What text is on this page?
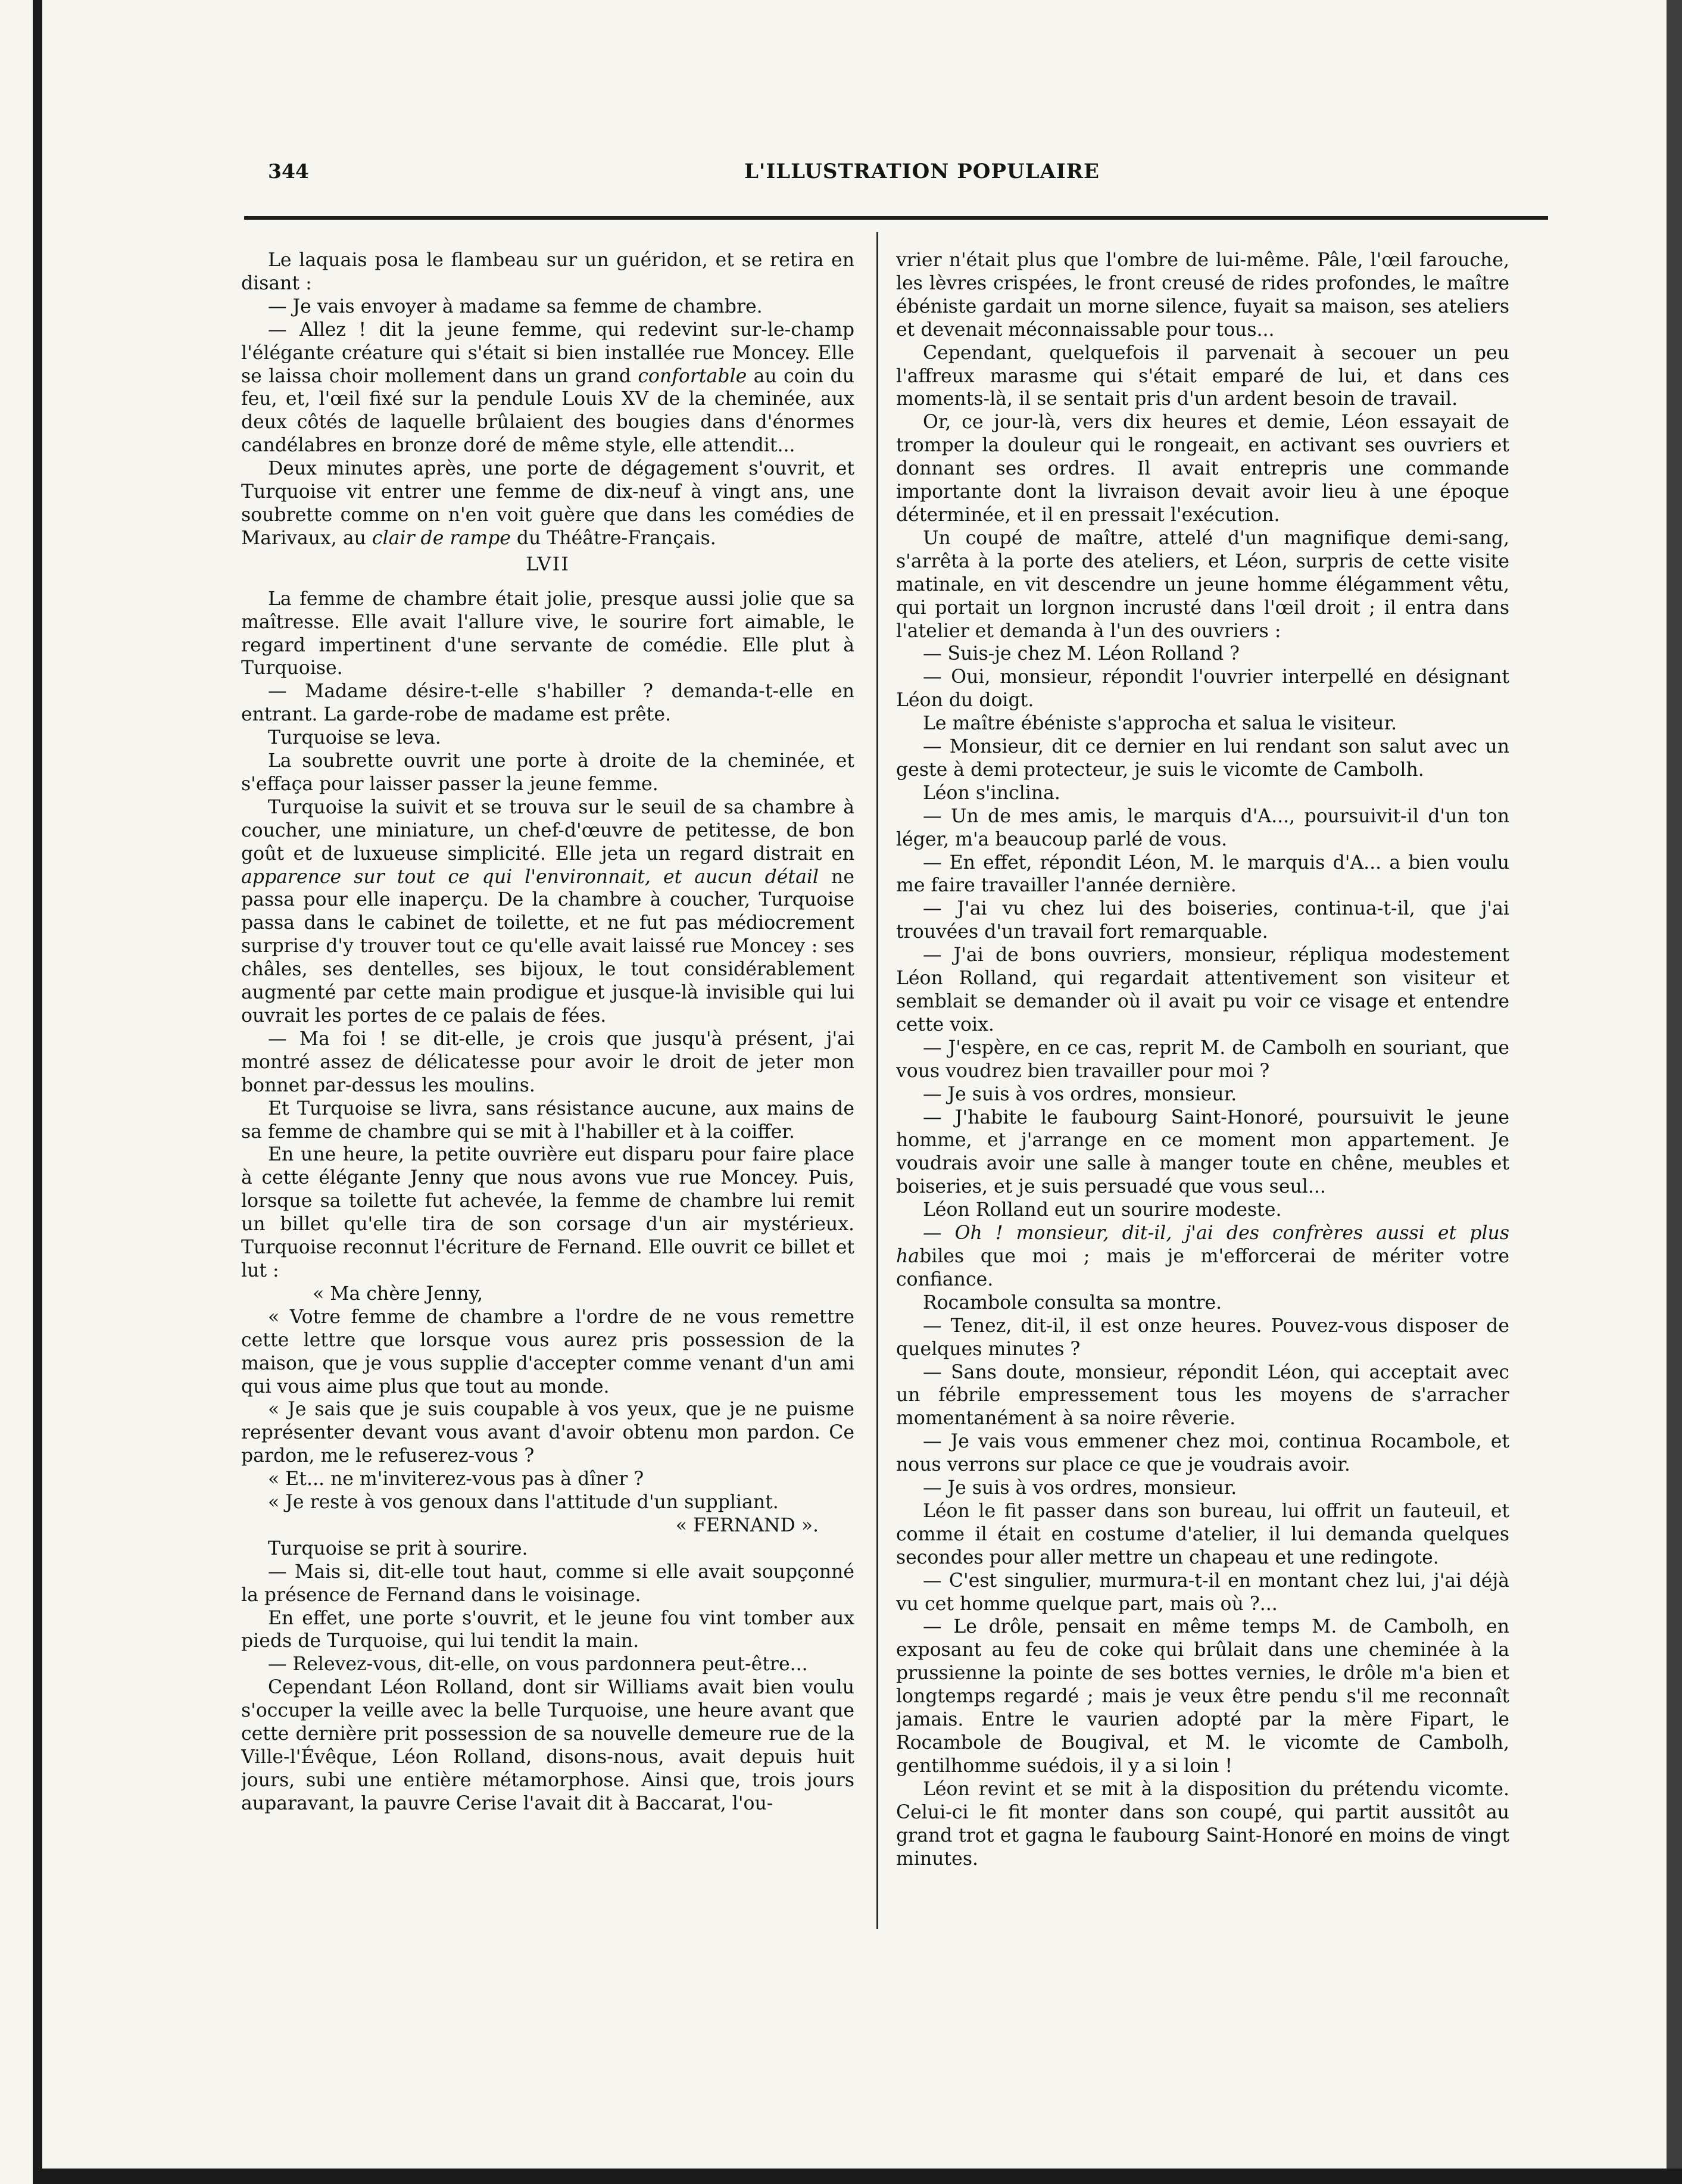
344	L'ILLUSTRATION POPULAIRE

Le laquais posa le flambeau sur un guéridon, et se retira en disant :

— Je vais envoyer à madame sa femme de chambre.

— Allez ! dit la jeune femme, qui redevint sur-le-champ l'élégante créature qui s'était si bien installée rue Moncey. Elle se laissa choir mollement dans un grand confortable au coin du feu, et, l'œil fixé sur la pendule Louis XV de la cheminée, aux deux côtés de laquelle brûlaient des bougies dans d'énormes candélabres en bronze doré de même style, elle attendit...

Deux minutes après, une porte de dégagement s'ouvrit, et Turquoise vit entrer une femme de dix-neuf à vingt ans, une soubrette comme on n'en voit guère que dans les comédies de Marivaux, au clair de rampe du Théâtre-Français.

LVII

La femme de chambre était jolie, presque aussi jolie que sa maîtresse. Elle avait l'allure vive, le sourire fort aimable, le regard impertinent d'une servante de comédie. Elle plut à Turquoise.

— Madame désire-t-elle s'habiller ? demanda-t-elle en entrant. La garde-robe de madame est prête.

Turquoise se leva.

La soubrette ouvrit une porte à droite de la cheminée, et s'effaça pour laisser passer la jeune femme.

Turquoise la suivit et se trouva sur le seuil de sa chambre à coucher, une miniature, un chef-d'œuvre de petitesse, de bon goût et de luxueuse simplicité. Elle jeta un regard distrait en apparence sur tout ce qui l'environnait, et aucun détail ne passa pour elle inaperçu. De la chambre à coucher, Turquoise passa dans le cabinet de toilette, et ne fut pas médiocrement surprise d'y trouver tout ce qu'elle avait laissé rue Moncey : ses châles, ses dentelles, ses bijoux, le tout considérablement augmenté par cette main prodigue et jusque-là invisible qui lui ouvrait les portes de ce palais de fées.

— Ma foi ! se dit-elle, je crois que jusqu'à présent, j'ai montré assez de délicatesse pour avoir le droit de jeter mon bonnet par-dessus les moulins.

Et Turquoise se livra, sans résistance aucune, aux mains de sa femme de chambre qui se mit à l'habiller et à la coiffer.

En une heure, la petite ouvrière eut disparu pour faire place à cette élégante Jenny que nous avons vue rue Moncey. Puis, lorsque sa toilette fut achevée, la femme de chambre lui remit un billet qu'elle tira de son corsage d'un air mystérieux. Turquoise reconnut l'écriture de Fernand. Elle ouvrit ce billet et lut :

« Ma chère Jenny,

« Votre femme de chambre a l'ordre de ne vous remettre cette lettre que lorsque vous aurez pris possession de la maison, que je vous supplie d'accepter comme venant d'un ami qui vous aime plus que tout au monde.

« Je sais que je suis coupable à vos yeux, que je ne puisme représenter devant vous avant d'avoir obtenu mon pardon. Ce pardon, me le refuserez-vous ?

« Et... ne m'inviterez-vous pas à dîner ?

« Je reste à vos genoux dans l'attitude d'un suppliant.

« FERNAND ».

Turquoise se prit à sourire.

— Mais si, dit-elle tout haut, comme si elle avait soupçonné la présence de Fernand dans le voisinage.

En effet, une porte s'ouvrit, et le jeune fou vint tomber aux pieds de Turquoise, qui lui tendit la main.

— Relevez-vous, dit-elle, on vous pardonnera peut-être...

Cependant Léon Rolland, dont sir Williams avait bien voulu s'occuper la veille avec la belle Turquoise, une heure avant que cette dernière prit possession de sa nouvelle demeure rue de la Ville-l'Évêque, Léon Rolland, disons-nous, avait depuis huit jours, subi une entière métamorphose. Ainsi que, trois jours auparavant, la pauvre Cerise l'avait dit à Baccarat, l'ou-

vrier n'était plus que l'ombre de lui-même. Pâle, l'œil farouche, les lèvres crispées, le front creusé de rides profondes, le maître ébéniste gardait un morne silence, fuyait sa maison, ses ateliers et devenait méconnaissable pour tous...

Cependant, quelquefois il parvenait à secouer un peu l'affreux marasme qui s'était emparé de lui, et dans ces moments-là, il se sentait pris d'un ardent besoin de travail.

Or, ce jour-là, vers dix heures et demie, Léon essayait de tromper la douleur qui le rongeait, en activant ses ouvriers et donnant ses ordres. Il avait entrepris une commande importante dont la livraison devait avoir lieu à une époque déterminée, et il en pressait l'exécution.

Un coupé de maître, attelé d'un magnifique demi-sang, s'arrêta à la porte des ateliers, et Léon, surpris de cette visite matinale, en vit descendre un jeune homme élégamment vêtu, qui portait un lorgnon incrusté dans l'œil droit ; il entra dans l'atelier et demanda à l'un des ouvriers :

— Suis-je chez M. Léon Rolland ?

— Oui, monsieur, répondit l'ouvrier interpellé en désignant Léon du doigt.

Le maître ébéniste s'approcha et salua le visiteur.

— Monsieur, dit ce dernier en lui rendant son salut avec un geste à demi protecteur, je suis le vicomte de Cambolh.

Léon s'inclina.

— Un de mes amis, le marquis d'A..., poursuivit-il d'un ton léger, m'a beaucoup parlé de vous.

— En effet, répondit Léon, M. le marquis d'A... a bien voulu me faire travailler l'année dernière.

— J'ai vu chez lui des boiseries, continua-t-il, que j'ai trouvées d'un travail fort remarquable.

— J'ai de bons ouvriers, monsieur, répliqua modestement Léon Rolland, qui regardait attentivement son visiteur et semblait se demander où il avait pu voir ce visage et entendre cette voix.

— J'espère, en ce cas, reprit M. de Cambolh en souriant, que vous voudrez bien travailler pour moi ?

— Je suis à vos ordres, monsieur.

— J'habite le faubourg Saint-Honoré, poursuivit le jeune homme, et j'arrange en ce moment mon appartement. Je voudrais avoir une salle à manger toute en chêne, meubles et boiseries, et je suis persuadé que vous seul...

Léon Rolland eut un sourire modeste.

— Oh ! monsieur, dit-il, j'ai des confrères aussi et plus habiles que moi ; mais je m'efforcerai de mériter votre confiance.

Rocambole consulta sa montre.

— Tenez, dit-il, il est onze heures. Pouvez-vous disposer de quelques minutes ?

— Sans doute, monsieur, répondit Léon, qui acceptait avec un fébrile empressement tous les moyens de s'arracher momentanément à sa noire rêverie.

— Je vais vous emmener chez moi, continua Rocambole, et nous verrons sur place ce que je voudrais avoir.

— Je suis à vos ordres, monsieur.

Léon le fit passer dans son bureau, lui offrit un fauteuil, et comme il était en costume d'atelier, il lui demanda quelques secondes pour aller mettre un chapeau et une redingote.

— C'est singulier, murmura-t-il en montant chez lui, j'ai déjà vu cet homme quelque part, mais où ?...

— Le drôle, pensait en même temps M. de Cambolh, en exposant au feu de coke qui brûlait dans une cheminée à la prussienne la pointe de ses bottes vernies, le drôle m'a bien et longtemps regardé ; mais je veux être pendu s'il me reconnaît jamais. Entre le vaurien adopté par la mère Fipart, le Rocambole de Bougival, et M. le vicomte de Cambolh, gentilhomme suédois, il y a si loin !

Léon revint et se mit à la disposition du prétendu vicomte. Celui-ci le fit monter dans son coupé, qui partit aussitôt au grand trot et gagna le faubourg Saint-Honoré en moins de vingt minutes.
